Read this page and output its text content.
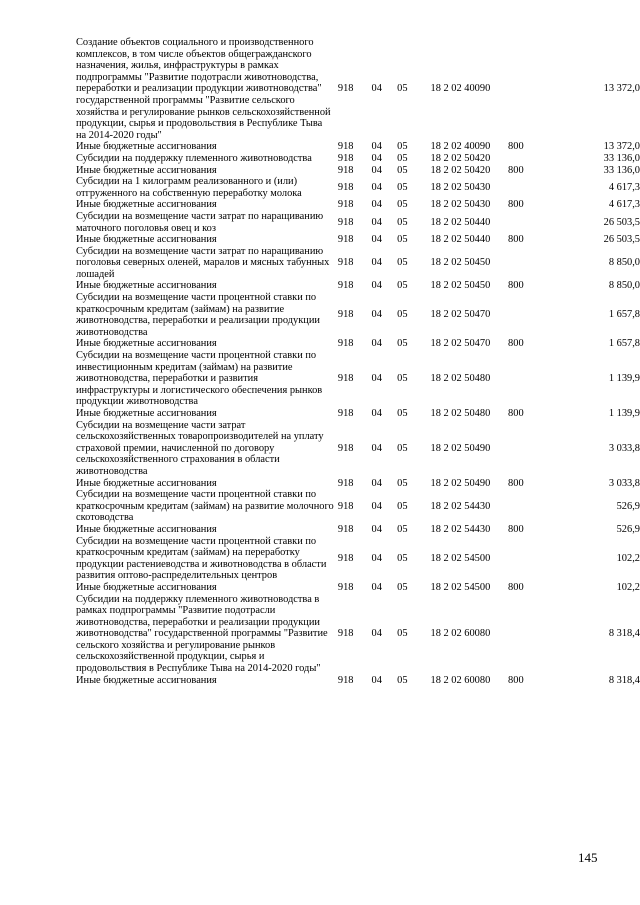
Создание объектов социального и производственного комплексов, в том числе объектов общегражданского назначения, жилья, инфраструктуры в рамках подпрограммы "Развитие подотрасли животноводства, переработки и реализации продукции животноводства" государственной программы "Развитие сельского хозяйства и регулирование рынков сельскохозяйственной продукции, сырья и продовольствия в Республике Тыва на 2014-2020 годы"	918	04	05	18 2 02 40090		13 372,0
Иные бюджетные ассигнования	918	04	05	18 2 02 40090	800	13 372,0
Субсидии на поддержку племенного животноводства	918	04	05	18 2 02 50420		33 136,0
Иные бюджетные ассигнования	918	04	05	18 2 02 50420	800	33 136,0
Субсидии на 1 килограмм реализованного и (или) отгруженного на собственную переработку молока	918	04	05	18 2 02 50430		4 617,3
Иные бюджетные ассигнования	918	04	05	18 2 02 50430	800	4 617,3
Субсидии на возмещение части затрат по наращиванию маточного поголовья овец и коз	918	04	05	18 2 02 50440		26 503,5
Иные бюджетные ассигнования	918	04	05	18 2 02 50440	800	26 503,5
Субсидии на возмещение части затрат по наращиванию поголовья северных оленей, маралов и мясных табунных лошадей	918	04	05	18 2 02 50450		8 850,0
Иные бюджетные ассигнования	918	04	05	18 2 02 50450	800	8 850,0
Субсидии на возмещение части процентной ставки по краткосрочным кредитам (займам) на развитие животноводства, переработки и реализации продукции животноводства	918	04	05	18 2 02 50470		1 657,8
Иные бюджетные ассигнования	918	04	05	18 2 02 50470	800	1 657,8
Субсидии на возмещение части процентной ставки по инвестиционным кредитам (займам) на развитие животноводства, переработки и развития инфраструктуры и логистического обеспечения рынков продукции животноводства	918	04	05	18 2 02 50480		1 139,9
Иные бюджетные ассигнования	918	04	05	18 2 02 50480	800	1 139,9
Субсидии на возмещение части затрат сельскохозяйственных товаропроизводителей на уплату страховой премии, начисленной по договору сельскохозяйственного страхования в области животноводства	918	04	05	18 2 02 50490		3 033,8
Иные бюджетные ассигнования	918	04	05	18 2 02 50490	800	3 033,8
Субсидии на возмещение части процентной ставки по краткосрочным кредитам (займам) на развитие молочного скотоводства	918	04	05	18 2 02 54430		526,9
Иные бюджетные ассигнования	918	04	05	18 2 02 54430	800	526,9
Субсидии на возмещение части процентной ставки по краткосрочным кредитам (займам) на переработку продукции растениеводства и животноводства в области развития оптово-распределительных центров	918	04	05	18 2 02 54500		102,2
Иные бюджетные ассигнования	918	04	05	18 2 02 54500	800	102,2
Субсидии на поддержку племенного животноводства в рамках подпрограммы "Развитие подотрасли животноводства, переработки и реализации продукции животноводства" государственной программы "Развитие сельского хозяйства и регулирование рынков сельскохозяйственной продукции, сырья и продовольствия в Республике Тыва на 2014-2020 годы"	918	04	05	18 2 02 60080		8 318,4
Иные бюджетные ассигнования	918	04	05	18 2 02 60080	800	8 318,4
145
